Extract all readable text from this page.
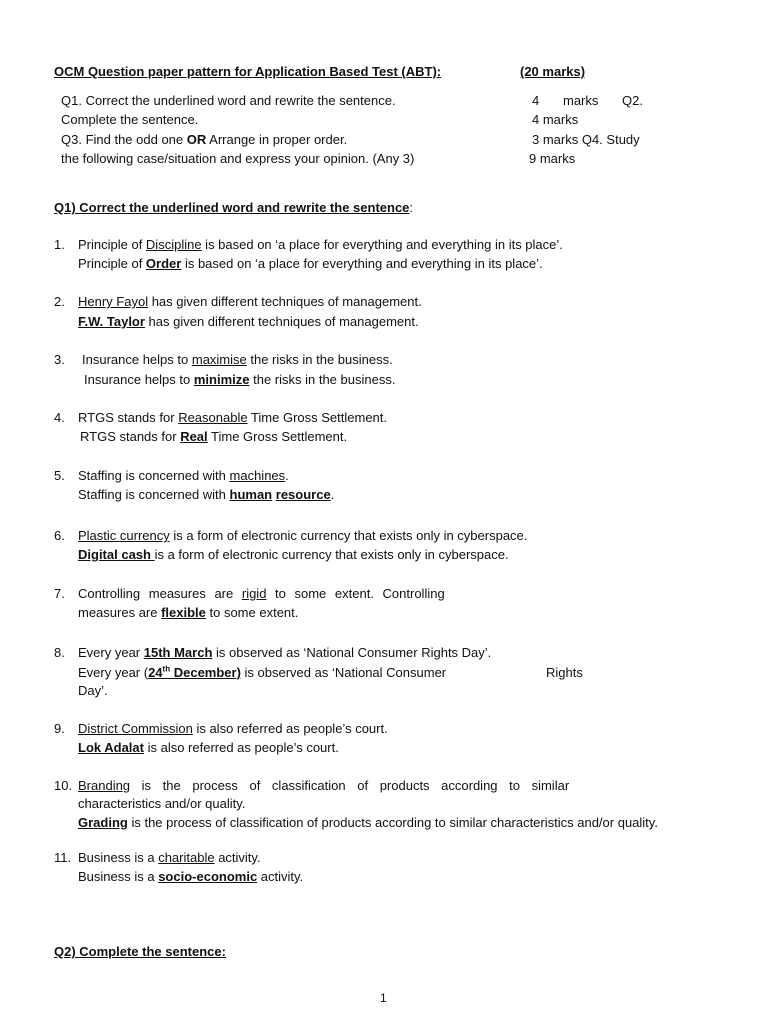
OCM Question paper pattern for Application Based Test (ABT):	(20 marks)
Q1. Correct the underlined word and rewrite the sentence.	4 marks Q2.
Complete the sentence.	4 marks
Q3. Find the odd one OR Arrange in proper order.	3 marks Q4. Study
the following case/situation and express your opinion. (Any 3)	9 marks
Q1) Correct the underlined word and rewrite the sentence:
1. Principle of Discipline is based on ‘a place for everything and everything in its place’.
Principle of Order is based on ‘a place for everything and everything in its place’.
2. Henry Fayol has given different techniques of management.
F.W. Taylor has given different techniques of management.
3. Insurance helps to maximise the risks in the business.
Insurance helps to minimize the risks in the business.
4. RTGS stands for Reasonable Time Gross Settlement.
RTGS stands for Real Time Gross Settlement.
5. Staffing is concerned with machines.
Staffing is concerned with human resource.
6. Plastic currency is a form of electronic currency that exists only in cyberspace.
Digital cash is a form of electronic currency that exists only in cyberspace.
7. Controlling measures are rigid to some extent. Controlling
measures are flexible to some extent.
8. Every year 15th March is observed as ‘National Consumer Rights Day’.
Every year (24th December) is observed as ‘National Consumer	Rights
Day’.
9. District Commission is also referred as people’s court.
Lok Adalat is also referred as people’s court.
10. Branding is the process of classification of products according to similar
characteristics and/or quality.
Grading is the process of classification of products according to similar characteristics and/or quality.
11. Business is a charitable activity.
Business is a socio-economic activity.
Q2) Complete the sentence:
1
